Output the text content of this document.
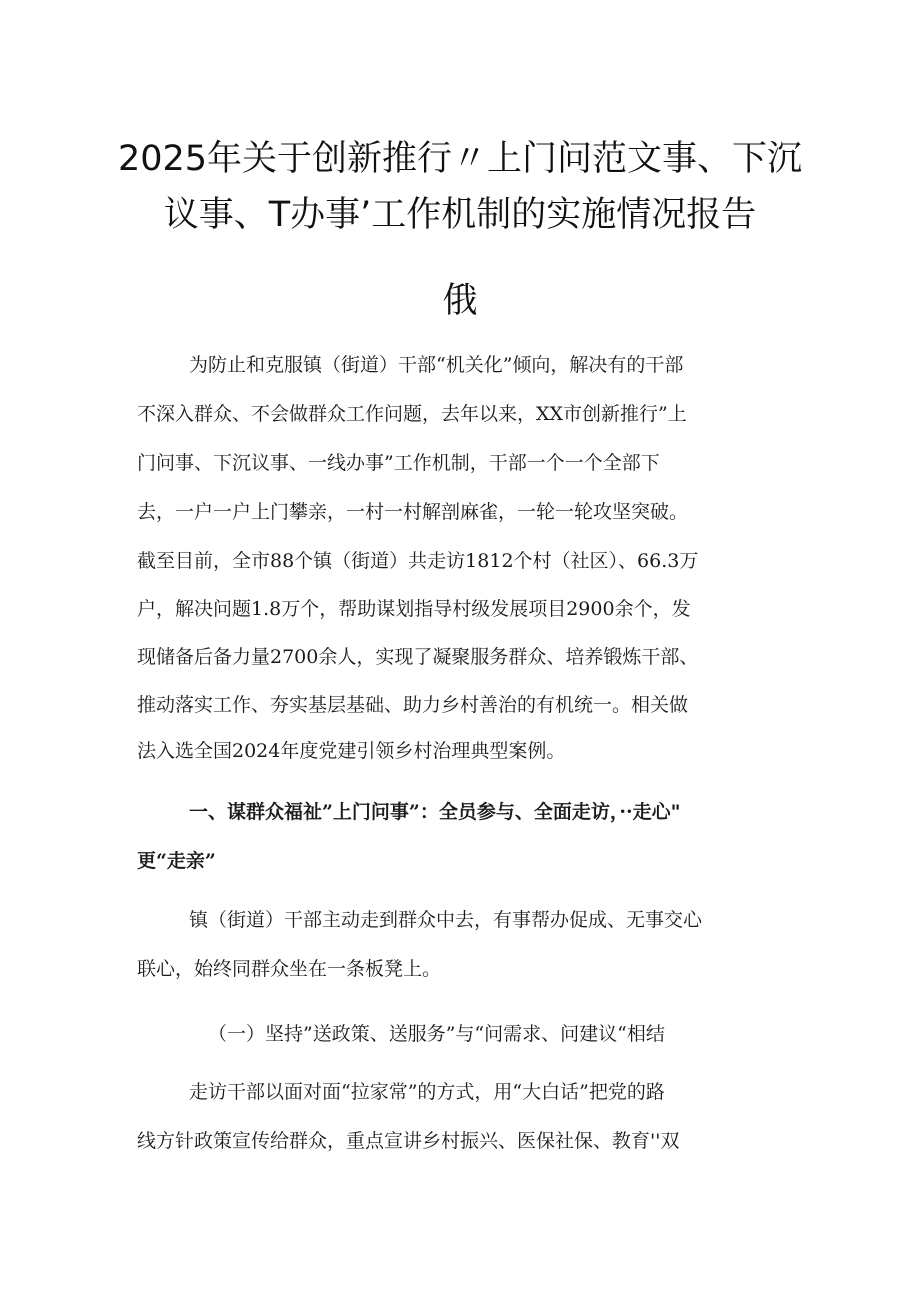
2025年关于创新推行〃上门问范文事、下沉
议事、T办事’工作机制的实施情况报告
俄
为防止和克服镇（街道）干部“机关化”倾向，解决有的干部
不深入群众、不会做群众工作问题，去年以来，XX市创新推行”上
门问事、下沉议事、一线办事”工作机制，干部一个一个全部下
去，一户一户上门攀亲，一村一村解剖麻雀，一轮一轮攻坚突破。
截至目前，全市88个镇（街道）共走访1812个村（社区）、66.3万
户，解决问题1.8万个，帮助谋划指导村级发展项目2900余个，发
现储备后备力量2700余人，实现了凝聚服务群众、培养锻炼干部、
推动落实工作、夯实基层基础、助力乡村善治的有机统一。相关做
法入选全国2024年度党建引领乡村治理典型案例。
一、谋群众福祉”上门问事”：全员参与、全面走访，··走心"
更“走亲”
镇（街道）干部主动走到群众中去，有事帮办促成、无事交心
联心，始终同群众坐在一条板凳上。
（一）坚持”送政策、送服务”与“问需求、问建议“相结
走访干部以面对面“拉家常”的方式，用“大白话”把党的路
线方针政策宣传给群众，重点宣讲乡村振兴、医保社保、教育''双
